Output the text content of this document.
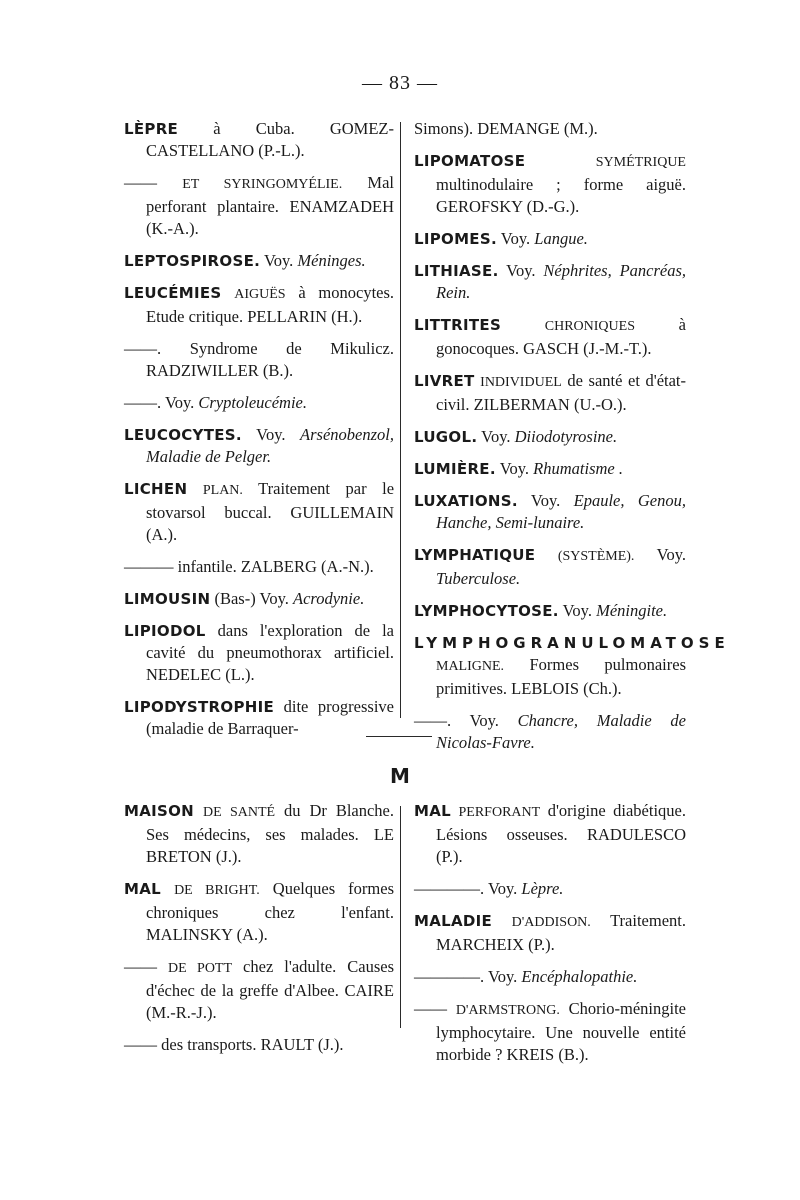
— 83 —

LÈPRE à Cuba. GOMEZ-CASTELLANO (P.-L.).

—— ET SYRINGOMYÉLIE. Mal perforant plantaire. ENAMZADEH (K.-A.).

LEPTOSPIROSE. Voy. Méninges.

LEUCÉMIES AIGUËS à monocytes. Etude critique. PELLARIN (H.).

——. Syndrome de Mikulicz. RADZIWILLER (B.).

——. Voy. Cryptoleucémie.

LEUCOCYTES. Voy. Arsénobenzol, Maladie de Pelger.

LICHEN PLAN. Traitement par le stovarsol buccal. GUILLEMAIN (A.).

——— infantile. ZALBERG (A.-N.).

LIMOUSIN (Bas-) Voy. Acrodynie.

LIPIODOL dans l'exploration de la cavité du pneumothorax artificiel. NEDELEC (L.).

LIPODYSTROPHIE dite progressive (maladie de Barraquer-

Simons). DEMANGE (M.).

LIPOMATOSE	SYMÉTRIQUE multinodulaire ; forme aiguë. GEROFSKY (D.-G.).

LIPOMES. Voy. Langue.

LITHIASE. Voy. Néphrites, Pancréas, Rein.

LITTRITES	CHRONIQUES	à gonocoques. GASCH (J.-M.-T.).

LIVRET INDIVIDUEL de santé et d'état-civil. ZILBERMAN (U.-O.).

LUGOL. Voy. Diiodotyrosine.

LUMIÈRE. Voy. Rhumatisme .

LUXATIONS. Voy. Epaule, Genou, Hanche, Semi-lunaire.

LYMPHATIQUE (SYSTÈME). Voy. Tuberculose.

LYMPHOCYTOSE. Voy. Méningite.

LYMPHOGRANULOMATOSE MALIGNE. Formes pulmonaires primitives. LEBLOIS (Ch.).

——. Voy. Chancre, Maladie de Nicolas-Favre.

M

MAISON DE SANTÉ du Dr Blanche. Ses médecins, ses malades. LE BRETON (J.).

MAL DE BRIGHT. Quelques formes chroniques chez l'enfant. MALINSKY (A.).

—— DE POTT chez l'adulte. Causes d'échec de la greffe d'Albee. CAIRE (M.-R.-J.).

—— des transports. RAULT (J.).

MAL PERFORANT d'origine diabétique. Lésions osseuses. RADULESCO (P.).

————. Voy. Lèpre.

MALADIE D'ADDISON. Traitement. MARCHEIX (P.).

————. Voy. Encéphalopathie.

—— D'ARMSTRONG. Chorio-méningite lymphocytaire. Une nouvelle entité morbide ? KREIS (B.).
